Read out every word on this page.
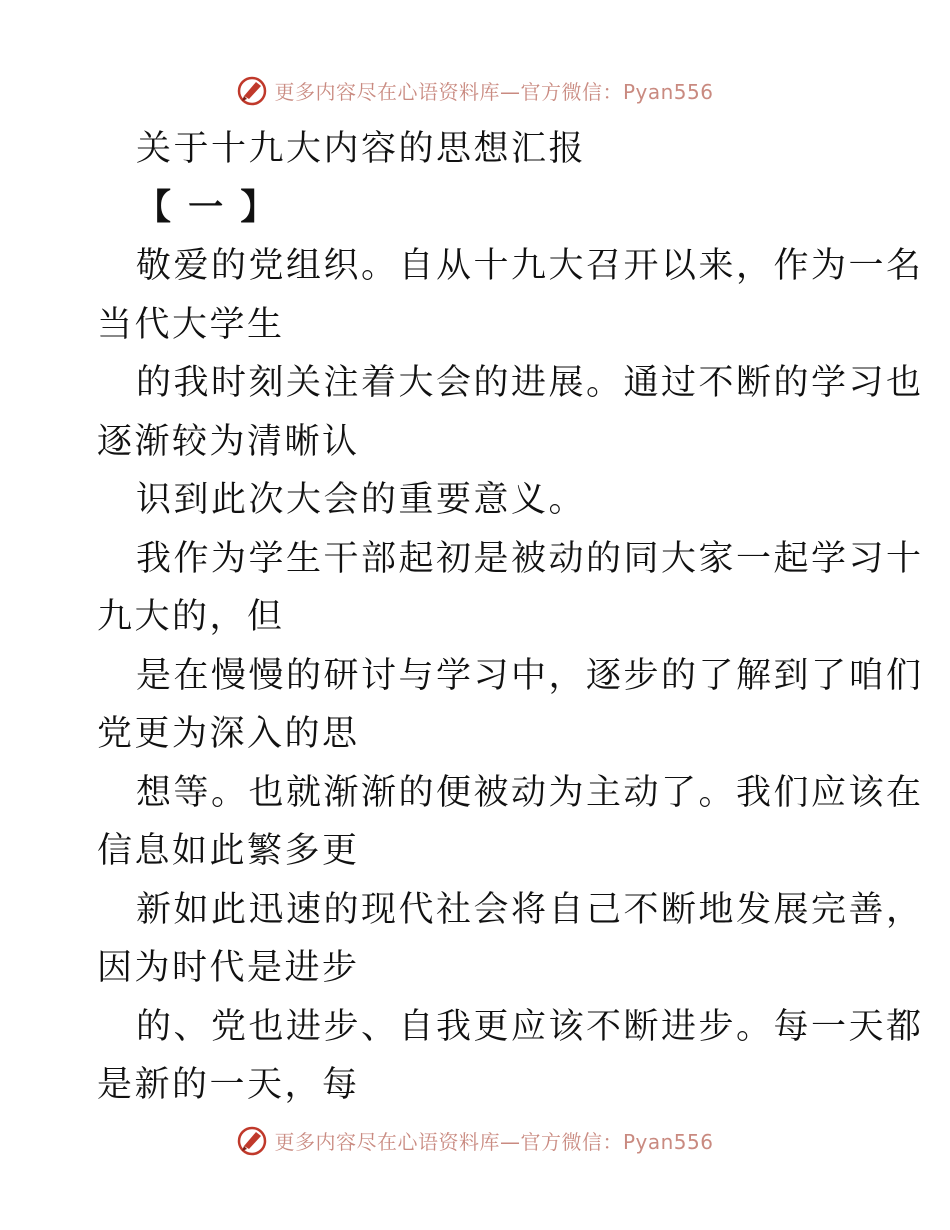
更多内容尽在心语资料库—官方微信：Pyan556
关于十九大内容的思想汇报
【 一 】
敬爱的党组织。自从十九大召开以来，作为一名
当代大学生
的我时刻关注着大会的进展。通过不断的学习也
逐渐较为清晰认
识到此次大会的重要意义。
我作为学生干部起初是被动的同大家一起学习十
九大的，但
是在慢慢的研讨与学习中，逐步的了解到了咱们
党更为深入的思
想等。也就渐渐的便被动为主动了。我们应该在
信息如此繁多更
新如此迅速的现代社会将自己不断地发展完善，
因为时代是进步
的、党也进步、自我更应该不断进步。每一天都
是新的一天，每
更多内容尽在心语资料库—官方微信：Pyan556
